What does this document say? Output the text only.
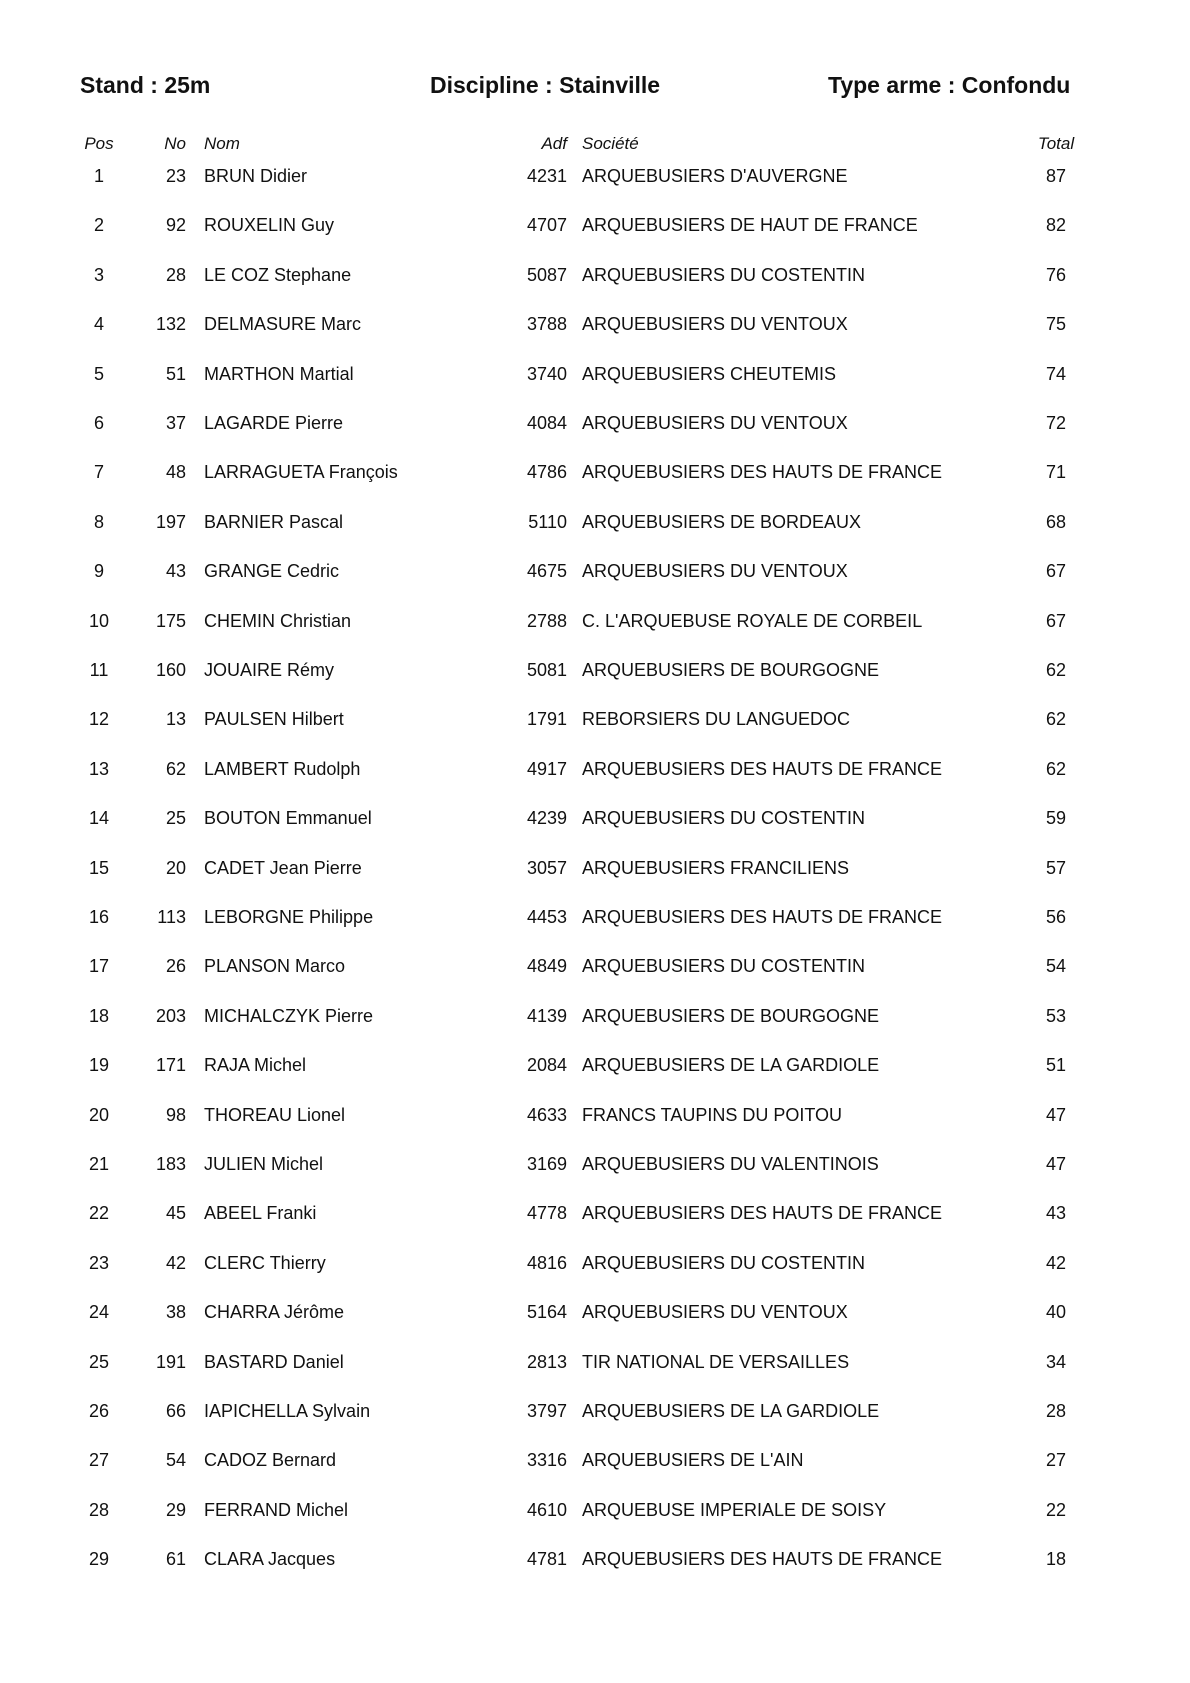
Stand : 25m	Discipline : Stainville	Type arme : Confondu
Pos	No Nom	Adf Société	Total
1	23 BRUN Didier	4231 ARQUEBUSIERS D'AUVERGNE	87
2	92 ROUXELIN Guy	4707 ARQUEBUSIERS DE HAUT DE FRANCE	82
3	28 LE COZ Stephane	5087 ARQUEBUSIERS DU COSTENTIN	76
4	132 DELMASURE Marc	3788 ARQUEBUSIERS DU VENTOUX	75
5	51 MARTHON Martial	3740 ARQUEBUSIERS CHEUTEMIS	74
6	37 LAGARDE Pierre	4084 ARQUEBUSIERS DU VENTOUX	72
7	48 LARRAGUETA François	4786 ARQUEBUSIERS DES HAUTS DE FRANCE	71
8	197 BARNIER Pascal	5110 ARQUEBUSIERS DE BORDEAUX	68
9	43 GRANGE Cedric	4675 ARQUEBUSIERS DU VENTOUX	67
10	175 CHEMIN Christian	2788 C. L'ARQUEBUSE ROYALE DE CORBEIL	67
11	160 JOUAIRE Rémy	5081 ARQUEBUSIERS DE BOURGOGNE	62
12	13 PAULSEN Hilbert	1791 REBORSIERS DU LANGUEDOC	62
13	62 LAMBERT Rudolph	4917 ARQUEBUSIERS DES HAUTS DE FRANCE	62
14	25 BOUTON Emmanuel	4239 ARQUEBUSIERS DU COSTENTIN	59
15	20 CADET Jean Pierre	3057 ARQUEBUSIERS FRANCILIENS	57
16	113 LEBORGNE Philippe	4453 ARQUEBUSIERS DES HAUTS DE FRANCE	56
17	26 PLANSON Marco	4849 ARQUEBUSIERS DU COSTENTIN	54
18	203 MICHALCZYK Pierre	4139 ARQUEBUSIERS DE BOURGOGNE	53
19	171 RAJA Michel	2084 ARQUEBUSIERS DE LA GARDIOLE	51
20	98 THOREAU Lionel	4633 FRANCS TAUPINS DU POITOU	47
21	183 JULIEN Michel	3169 ARQUEBUSIERS DU VALENTINOIS	47
22	45 ABEEL Franki	4778 ARQUEBUSIERS DES HAUTS DE FRANCE	43
23	42 CLERC Thierry	4816 ARQUEBUSIERS DU COSTENTIN	42
24	38 CHARRA Jérôme	5164 ARQUEBUSIERS DU VENTOUX	40
25	191 BASTARD Daniel	2813 TIR NATIONAL DE VERSAILLES	34
26	66 IAPICHELLA Sylvain	3797 ARQUEBUSIERS DE LA GARDIOLE	28
27	54 CADOZ Bernard	3316 ARQUEBUSIERS DE L'AIN	27
28	29 FERRAND Michel	4610 ARQUEBUSE IMPERIALE DE SOISY	22
29	61 CLARA Jacques	4781 ARQUEBUSIERS DES HAUTS DE FRANCE	18
